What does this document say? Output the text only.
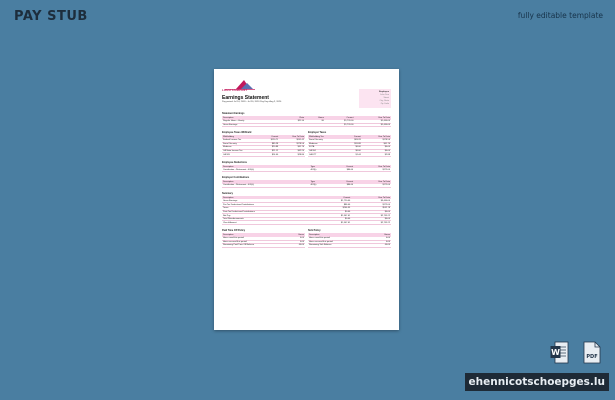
PAY STUB	fully editable template
LOGO COMPANY
Earnings Statement
Pay period: Jul 14, 2020 - Jul 20, 2020 Pay Day: Aug 2, 2020
Employee
John Doe
Street
City, State
Zip Code
Statement Earnings
Description	Rate	Hours	Current	Year To Date
Regular Hours - Hourly	$21.50	80	$1,720.00	$1,440.00
Gross Earnings			$1,720.00	$1,440.00
Employee Taxes Withheld
Withholding	Current	Year To Date
Federal Income Tax	$120.71	$241.42
Social Security	$89.28	$178.56
Medicare	$20.88	$41.76
CA State Income Tax	$21.12	$42.24
CA SDI	$14.40	$28.80
Employer Taxes
Withholding Tax	Current	Year To Date
Social Security	$89.28	$178.56
Medicare	$20.88	$41.76
FUTA	$0.00	$0.00
CA SUI	$0.00	$0.00
CA ETT	$1.44	$2.88
Employee Deductions
Description	Type	Current	Year To Date
Contribution - Retirement - 401(k)	401(k)	$86.00	$172.00
Employer Contributions
Description	Type	Current	Year To Date
Contribution - Retirement - 401(k)	401(k)	$86.00	$172.00
Summary
Description	Current	Year To Date
Gross Earnings	$1,720.00	$3,440.00
Pre-Tax Deductions/Contributions	$86.00	$172.00
Taxes	$266.39	$532.78
Post-Tax Deductions/Contributions	$0.00	$0.00
Net Pay	$1,367.61	$2,735.22
Total Reimbursements	$0.00	$0.00
Check Amount	$1,367.61	$2,735.22
Paid Time Off Policy
Description	Hours
Hours used this period	0.00
Hours accrued this period	0.00
Remaining Paid Time Off Balance	40.00
Sick Policy
Description	Hours
Hours used this period	0.00
Hours accrued this period	0.00
Remaining Sick Balance	40.00
W	PDF
ehennicotschoepges.lu
